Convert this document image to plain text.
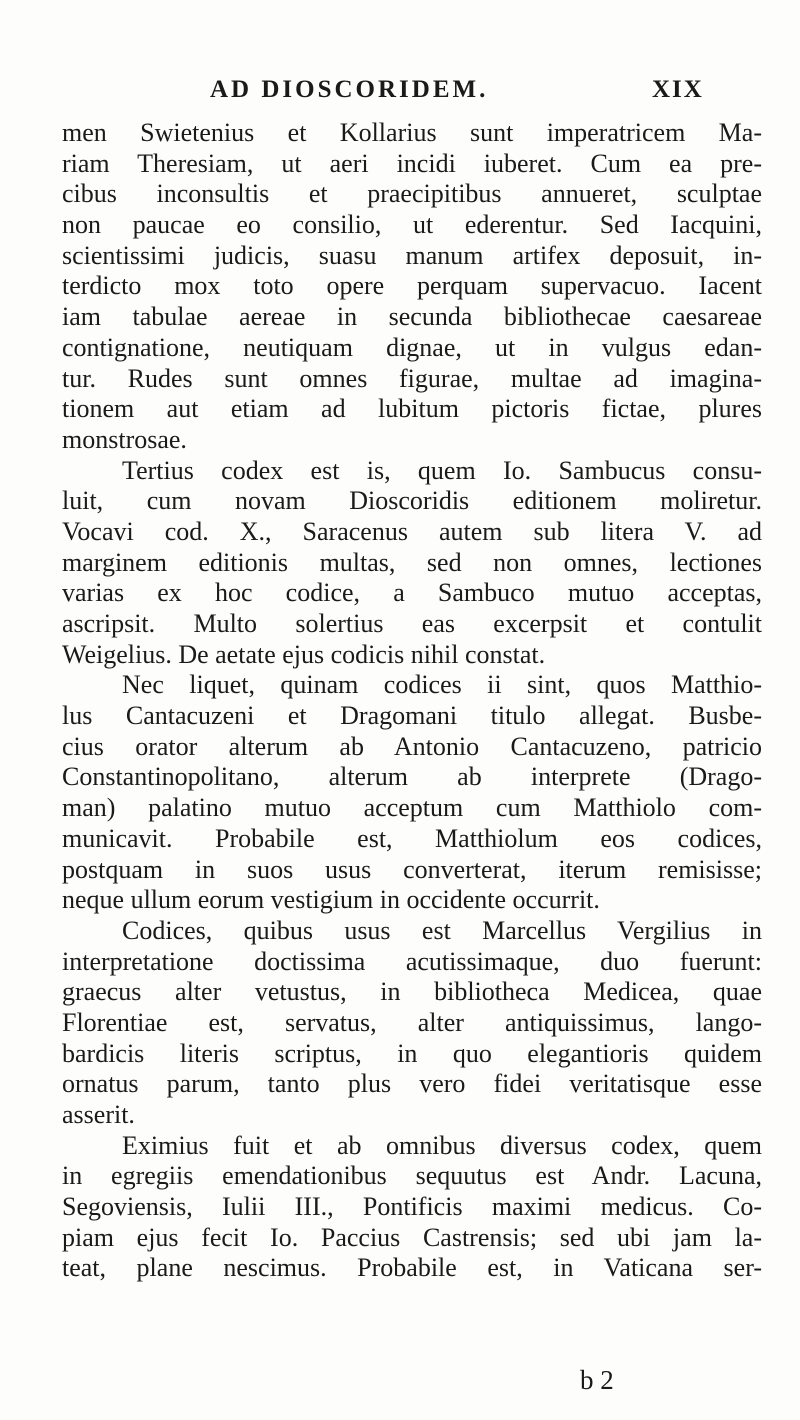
AD DIOSCORIDEM.	XIX
men Swietenius et Kollarius sunt imperatricem Ma-
riam Theresiam, ut aeri incidi iuberet. Cum ea pre-
cibus inconsultis et praecipitibus annueret, sculptae
non paucae eo consilio, ut ederentur. Sed Iacquini,
scientissimi judicis, suasu manum artifex deposuit, in-
terdicto mox toto opere perquam supervacuo. Iacent
iam tabulae aereae in secunda bibliothecae caesareae
contignatione, neutiquam dignae, ut in vulgus edan-
tur. Rudes sunt omnes figurae, multae ad imagina-
tionem aut etiam ad lubitum pictoris fictae, plures
monstrosae.
Tertius codex est is, quem Io. Sambucus consu-
luit, cum novam Dioscoridis editionem moliretur.
Vocavi cod. X., Saracenus autem sub litera V. ad
marginem editionis multas, sed non omnes, lectiones
varias ex hoc codice, a Sambuco mutuo acceptas,
ascripsit. Multo solertius eas excerpsit et contulit
Weigelius. De aetate ejus codicis nihil constat.
Nec liquet, quinam codices ii sint, quos Matthio-
lus Cantacuzeni et Dragomani titulo allegat. Busbe-
cius orator alterum ab Antonio Cantacuzeno, patricio
Constantinopolitano, alterum ab interprete (Drago-
man) palatino mutuo acceptum cum Matthiolo com-
municavit. Probabile est, Matthiolum eos codices,
postquam in suos usus converterat, iterum remisisse;
neque ullum eorum vestigium in occidente occurrit.
Codices, quibus usus est Marcellus Vergilius in
interpretatione doctissima acutissimaque, duo fuerunt:
graecus alter vetustus, in bibliotheca Medicea, quae
Florentiae est, servatus, alter antiquissimus, lango-
bardicis literis scriptus, in quo elegantioris quidem
ornatus parum, tanto plus vero fidei veritatisque esse
asserit.
Eximius fuit et ab omnibus diversus codex, quem
in egregiis emendationibus sequutus est Andr. Lacuna,
Segoviensis, Iulii III., Pontificis maximi medicus. Co-
piam ejus fecit Io. Paccius Castrensis; sed ubi jam la-
teat, plane nescimus. Probabile est, in Vaticana ser-
b 2
